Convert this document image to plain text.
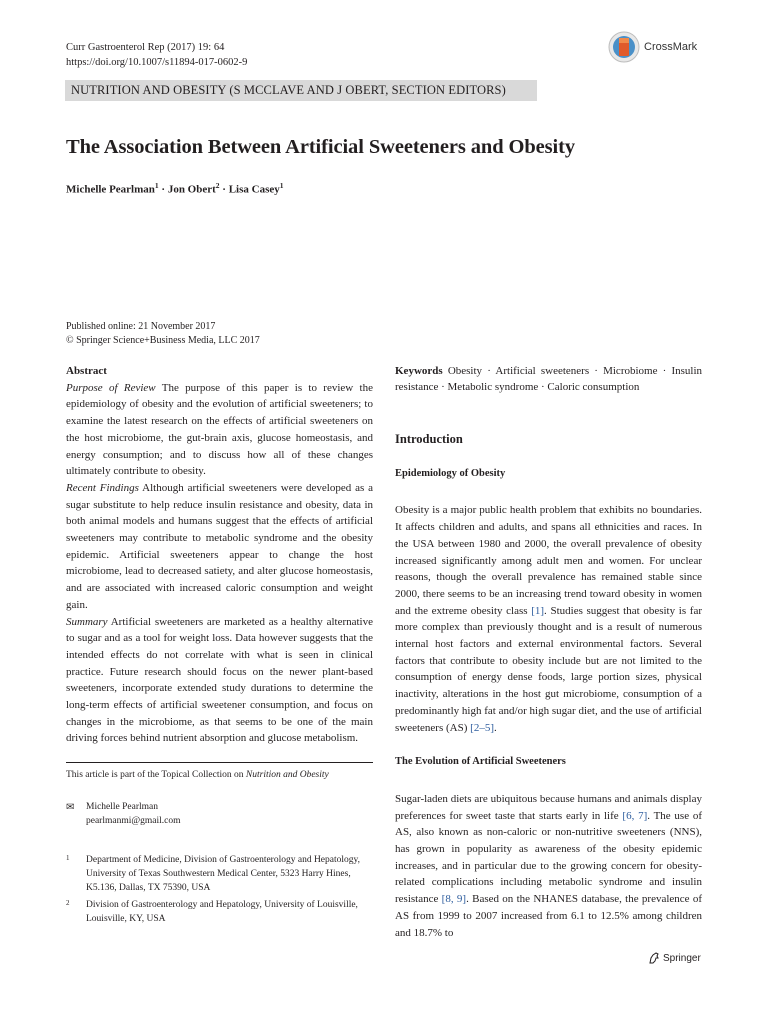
Curr Gastroenterol Rep (2017) 19: 64
https://doi.org/10.1007/s11894-017-0602-9
CrossMark
NUTRITION AND OBESITY (S MCCLAVE AND J OBERT, SECTION EDITORS)
The Association Between Artificial Sweeteners and Obesity
Michelle Pearlman$^1$ · Jon Obert$^2$ · Lisa Casey$^1$
Published online: 21 November 2017
© Springer Science+Business Media, LLC 2017
Abstract

Purpose of Review The purpose of this paper is to review the epidemiology of obesity and the evolution of artificial sweeteners; to examine the latest research on the effects of artificial sweeteners on the host microbiome, the gut-brain axis, glucose homeostasis, and energy consumption; and to discuss how all of these changes ultimately contribute to obesity.

Recent Findings Although artificial sweeteners were developed as a sugar substitute to help reduce insulin resistance and obesity, data in both animal models and humans suggest that the effects of artificial sweeteners may contribute to metabolic syndrome and the obesity epidemic. Artificial sweeteners appear to change the host microbiome, lead to decreased satiety, and alter glucose homeostasis, and are associated with increased caloric consumption and weight gain.

Summary Artificial sweeteners are marketed as a healthy alternative to sugar and as a tool for weight loss. Data however suggests that the intended effects do not correlate with what is seen in clinical practice. Future research should focus on the newer plant-based sweeteners, incorporate extended study durations to determine the long-term effects of artificial sweetener consumption, and focus on changes in the microbiome, as that seems to be one of the main driving forces behind nutrient absorption and glucose metabolism.

This article is part of the Topical Collection on Nutrition and Obesity
✉	Michelle Pearlman
pearlmanmi@gmail.com
1	Department of Medicine, Division of Gastroenterology and Hepatology, University of Texas Southwestern Medical Center, 5323 Harry Hines, K5.136, Dallas, TX 75390, USA
2	Division of Gastroenterology and Hepatology, University of Louisville, Louisville, KY, USA
Keywords Obesity · Artificial sweeteners · Microbiome · Insulin resistance · Metabolic syndrome · Caloric consumption
Introduction
Epidemiology of Obesity

Obesity is a major public health problem that exhibits no boundaries. It affects children and adults, and spans all ethnicities and races. In the USA between 1980 and 2000, the overall prevalence of obesity increased significantly among adult men and women. For unclear reasons, though the overall prevalence has remained stable since 2000, there seems to be an increasing trend toward obesity in women and the extreme obesity class [1]. Studies suggest that obesity is far more complex than previously thought and is a result of numerous internal host factors and external environmental factors. Several factors that contribute to obesity include but are not limited to the consumption of energy dense foods, large portion sizes, physical inactivity, alterations in the host gut microbiome, consumption of a predominantly high fat and/or high sugar diet, and the use of artificial sweeteners (AS) [2–5].

The Evolution of Artificial Sweeteners

Sugar-laden diets are ubiquitous because humans and animals display preferences for sweet taste that starts early in life [6, 7]. The use of AS, also known as non-caloric or non-nutritive sweeteners (NNS), has grown in popularity as awareness of the obesity epidemic increases, and in particular due to the growing concern for obesity-related complications including metabolic syndrome and insulin resistance [8, 9]. Based on the NHANES database, the prevalence of AS from 1999 to 2007 increased from 6.1 to 12.5% among children and 18.7% to

Springer
